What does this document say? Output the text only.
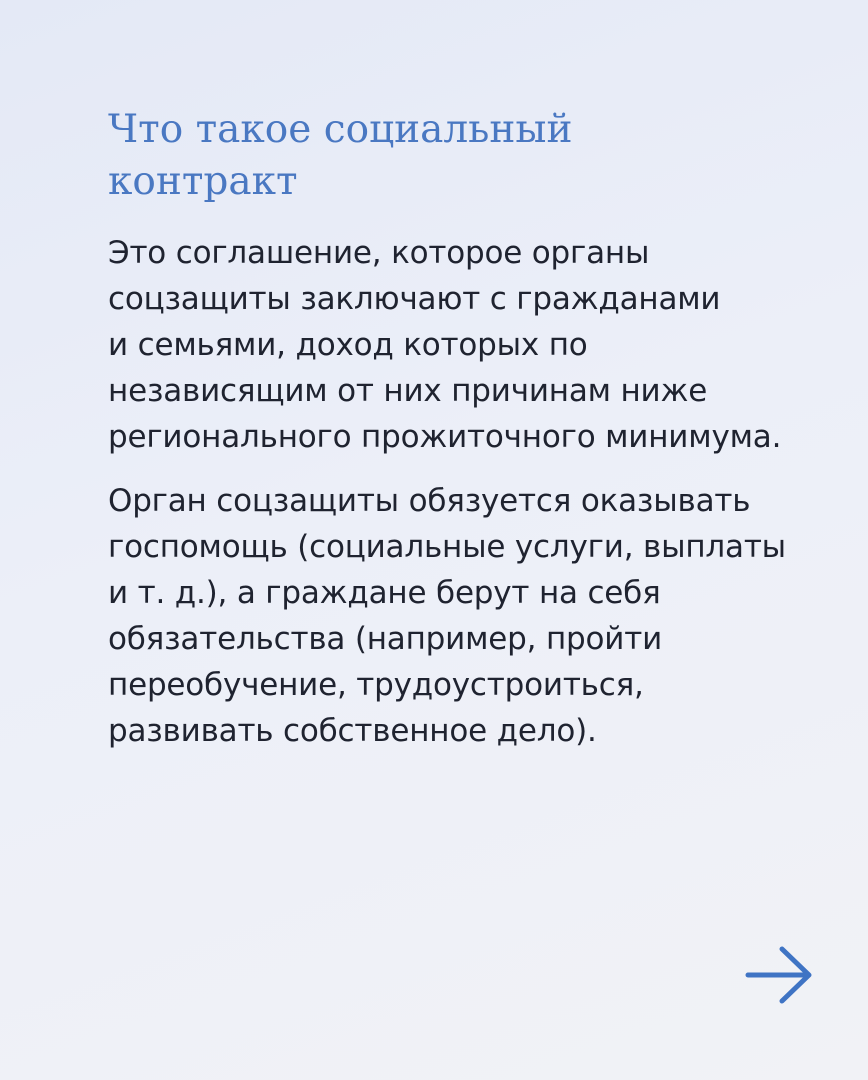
Что такое социальный
контракт

Это соглашение, которое органы
соцзащиты заключают с гражданами
и семьями, доход которых по
независящим от них причинам ниже
регионального прожиточного минимума.

Орган соцзащиты обязуется оказывать
госпомощь (социальные услуги, выплаты
и т. д.), а граждане берут на себя
обязательства (например, пройти
переобучение, трудоустроиться,
развивать собственное дело).
